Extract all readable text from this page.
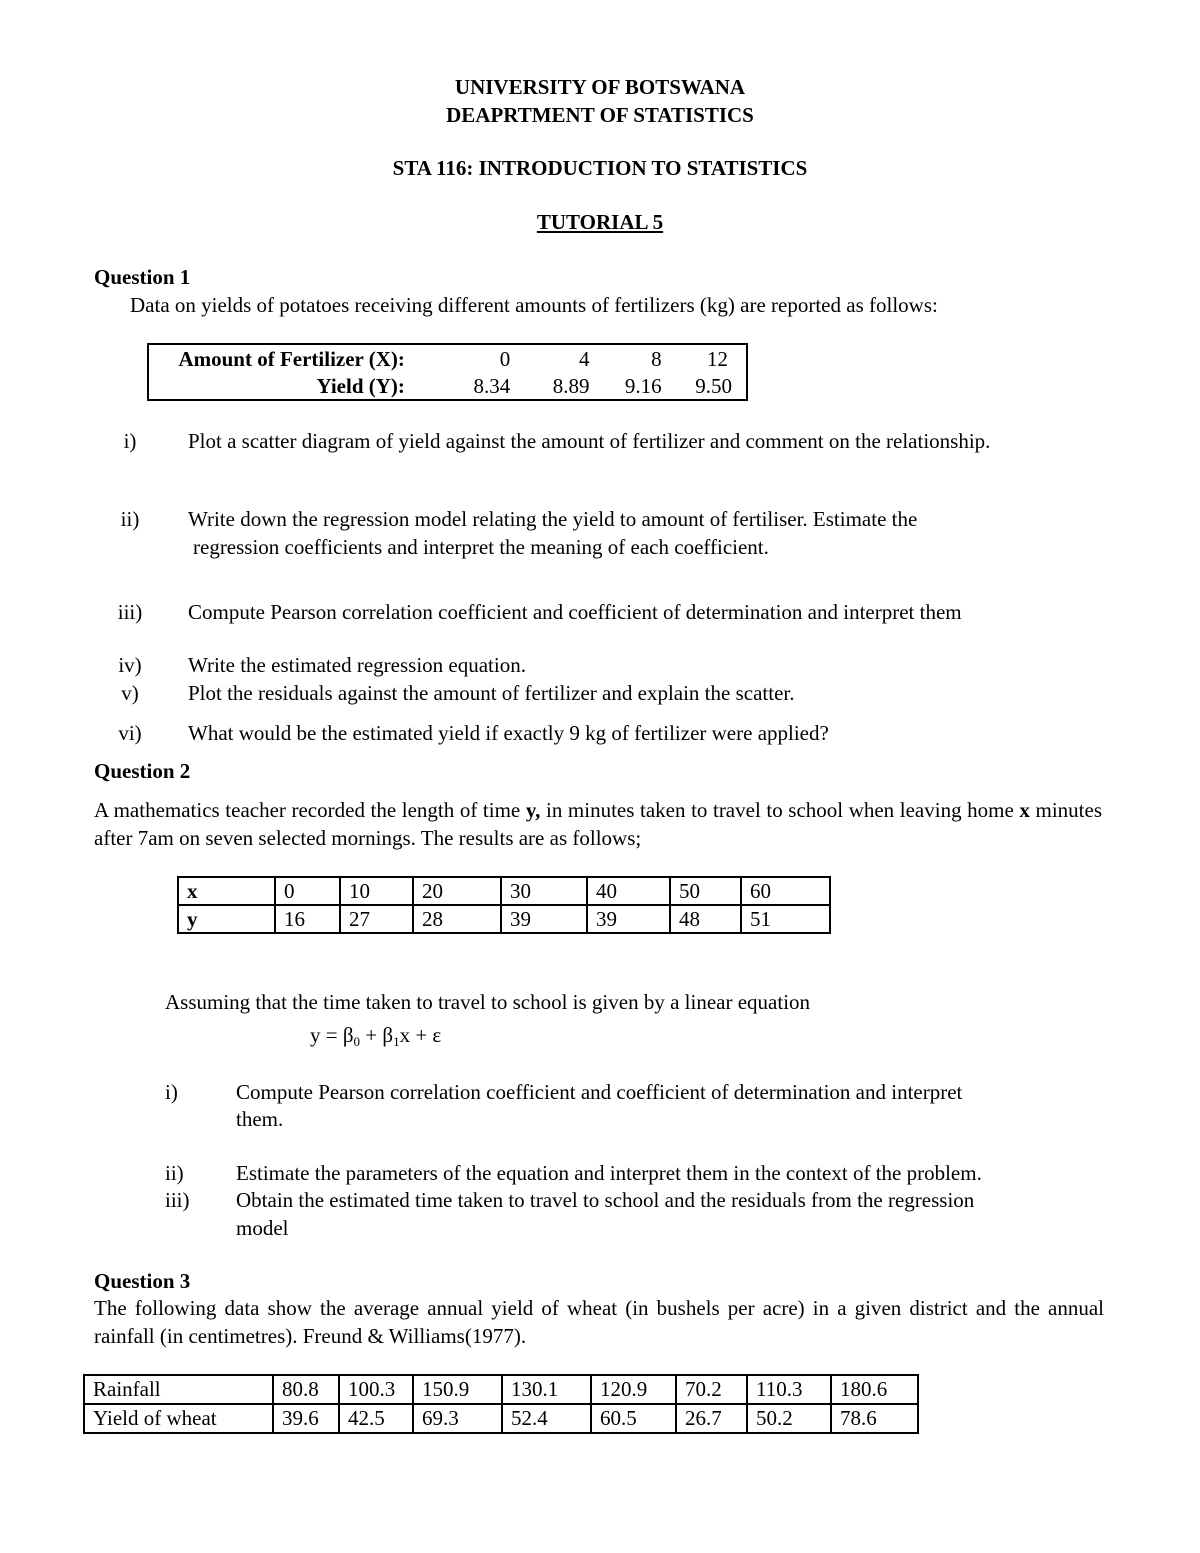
UNIVERSITY OF BOTSWANA
DEAPRTMENT OF STATISTICS
STA 116: INTRODUCTION TO STATISTICS
TUTORIAL 5
Question 1
Data on yields of potatoes receiving different amounts of fertilizers (kg) are reported as follows:
Amount of Fertilizer (X):	0	4	8	12
Yield (Y):	8.34	8.89	9.16	9.50
i)	Plot a scatter diagram of yield against the amount of fertilizer and comment on the relationship.
ii)	Write down the regression model relating the yield to amount of fertiliser. Estimate the
regression coefficients and interpret the meaning of each coefficient.
iii)	Compute Pearson correlation coefficient and coefficient of determination and interpret them
iv)	Write the estimated regression equation.
v)	Plot the residuals against the amount of fertilizer and explain the scatter.
vi)	What would be the estimated yield if exactly 9 kg of fertilizer were applied?
Question 2
A mathematics teacher recorded the length of time y, in minutes taken to travel to school when leaving home x minutes after 7am on seven selected mornings. The results are as follows;
x	0	10	20	30	40	50	60
y	16	27	28	39	39	48	51
Assuming that the time taken to travel to school is given by a linear equation
y = β0 + β1x + ε
i)	Compute Pearson correlation coefficient and coefficient of determination and interpret
them.
ii) Estimate the parameters of the equation and interpret them in the context of the problem.
iii) Obtain the estimated time taken to travel to school and the residuals from the regression
model
Question 3
The following data show the average annual yield of wheat (in bushels per acre) in a given district and the annual rainfall (in centimetres). Freund & Williams(1977).
Rainfall	80.8	100.3	150.9	130.1	120.9	70.2	110.3	180.6
Yield of wheat	39.6	42.5	69.3	52.4	60.5	26.7	50.2	78.6
